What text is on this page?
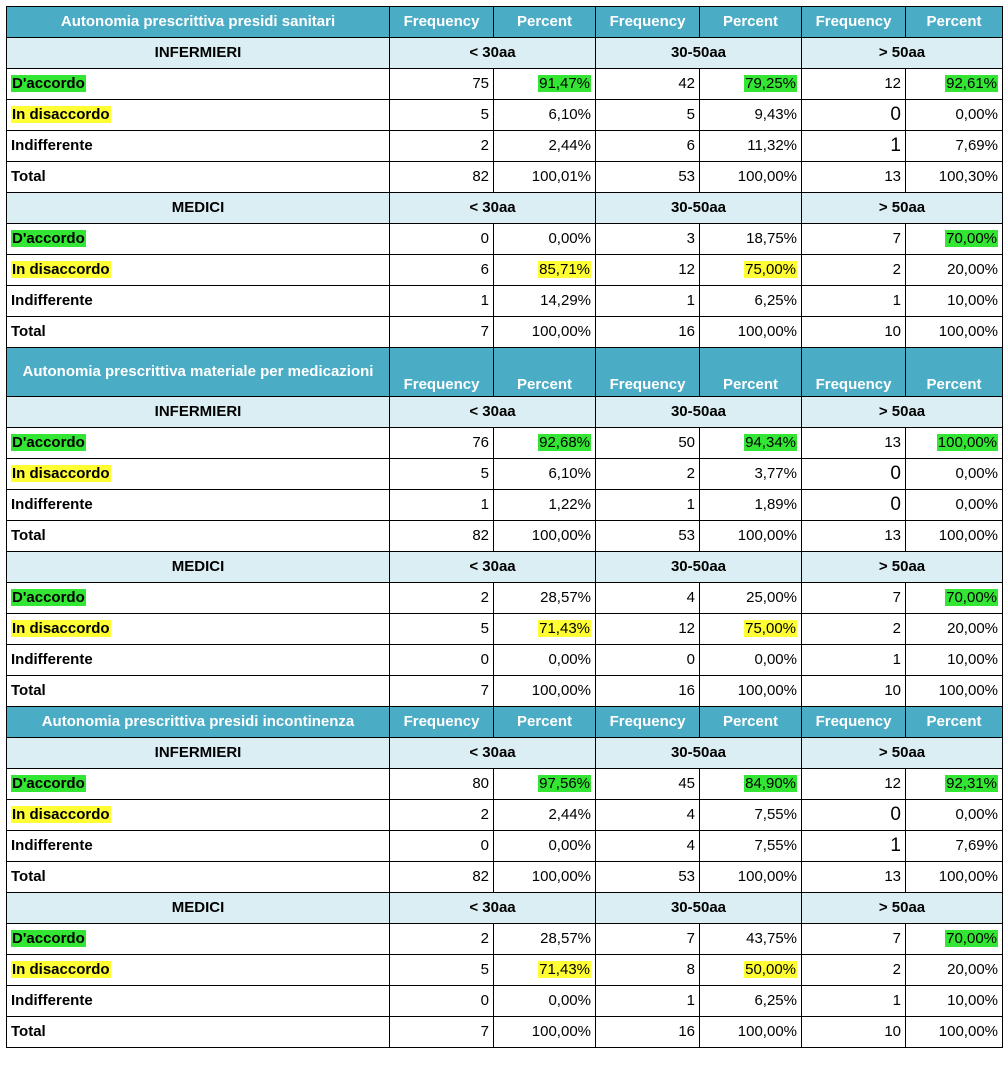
Autonomia prescrittiva presidi sanitari	Frequency	Percent	Frequency	Percent	Frequency	Percent
INFERMIERI	< 30aa		30-50aa		> 50aa	
D'accordo	75	91,47%	42	79,25%	12	92,61%
In disaccordo	5	6,10%	5	9,43%	0	0,00%
Indifferente	2	2,44%	6	11,32%	1	7,69%
Total	82	100,01%	53	100,00%	13	100,30%
MEDICI	< 30aa		30-50aa		> 50aa	
D'accordo	0	0,00%	3	18,75%	7	70,00%
In disaccordo	6	85,71%	12	75,00%	2	20,00%
Indifferente	1	14,29%	1	6,25%	1	10,00%
Total	7	100,00%	16	100,00%	10	100,00%
Autonomia prescrittiva materiale per medicazioni	Frequency	Percent	Frequency	Percent	Frequency	Percent
INFERMIERI	< 30aa		30-50aa		> 50aa	
D'accordo	76	92,68%	50	94,34%	13	100,00%
In disaccordo	5	6,10%	2	3,77%	0	0,00%
Indifferente	1	1,22%	1	1,89%	0	0,00%
Total	82	100,00%	53	100,00%	13	100,00%
MEDICI	< 30aa		30-50aa		> 50aa	
D'accordo	2	28,57%	4	25,00%	7	70,00%
In disaccordo	5	71,43%	12	75,00%	2	20,00%
Indifferente	0	0,00%	0	0,00%	1	10,00%
Total	7	100,00%	16	100,00%	10	100,00%
Autonomia prescrittiva presidi incontinenza	Frequency	Percent	Frequency	Percent	Frequency	Percent
INFERMIERI	< 30aa		30-50aa		> 50aa	
D'accordo	80	97,56%	45	84,90%	12	92,31%
In disaccordo	2	2,44%	4	7,55%	0	0,00%
Indifferente	0	0,00%	4	7,55%	1	7,69%
Total	82	100,00%	53	100,00%	13	100,00%
MEDICI	< 30aa		30-50aa		> 50aa	
D'accordo	2	28,57%	7	43,75%	7	70,00%
In disaccordo	5	71,43%	8	50,00%	2	20,00%
Indifferente	0	0,00%	1	6,25%	1	10,00%
Total	7	100,00%	16	100,00%	10	100,00%
